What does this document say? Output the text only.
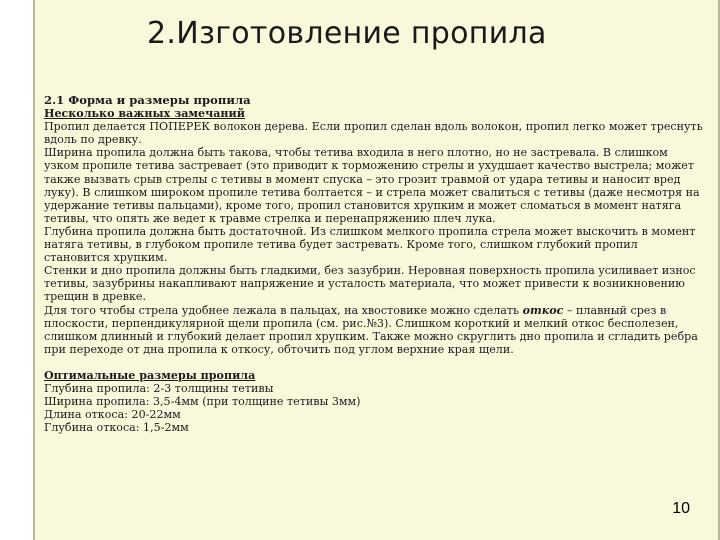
2.Изготовление пропила
2.1 Форма и размеры пропила
Несколько важных замечаний

Пропил делается ПОПЕРЕК волокон дерева. Если пропил сделан вдоль волокон, пропил легко может треснуть вдоль по древку.

Ширина пропила должна быть такова, чтобы тетива входила в него плотно, но не застревала. В слишком узком пропиле тетива застревает (это приводит к торможению стрелы и ухудшает качество выстрела; может также вызвать срыв стрелы с тетивы в момент спуска – это грозит травмой от удара тетивы и наносит вред луку). В слишком широком пропиле тетива болтается – и стрела может свалиться с тетивы (даже несмотря на удержание тетивы пальцами), кроме того, пропил становится хрупким и может сломаться в момент натяга тетивы, что опять же ведет к травме стрелка и перенапряжению плеч лука.

Глубина пропила должна быть достаточной. Из слишком мелкого пропила стрела может выскочить в момент натяга тетивы, в глубоком пропиле тетива будет застревать. Кроме того, слишком глубокий пропил становится хрупким.

Стенки и дно пропила должны быть гладкими, без зазубрин. Неровная поверхность пропила усиливает износ тетивы, зазубрины накапливают напряжение и усталость материала, что может привести к возникновению трещин в древке.

Для того чтобы стрела удобнее лежала в пальцах, на хвостовике можно сделать откос – плавный срез в плоскости, перпендикулярной щели пропила (см. рис.№3). Слишком короткий и мелкий откос бесполезен, слишком длинный и глубокий делает пропил хрупким. Также можно скруглить дно пропила и сгладить ребра при переходе от дна пропила к откосу, обточить под углом верхние края щели.

Оптимальные размеры пропила
Глубина пропила: 2-3 толщины тетивы
Ширина пропила: 3,5-4мм (при толщине тетивы 3мм)
Длина откоса: 20-22мм
Глубина откоса: 1,5-2мм
10
